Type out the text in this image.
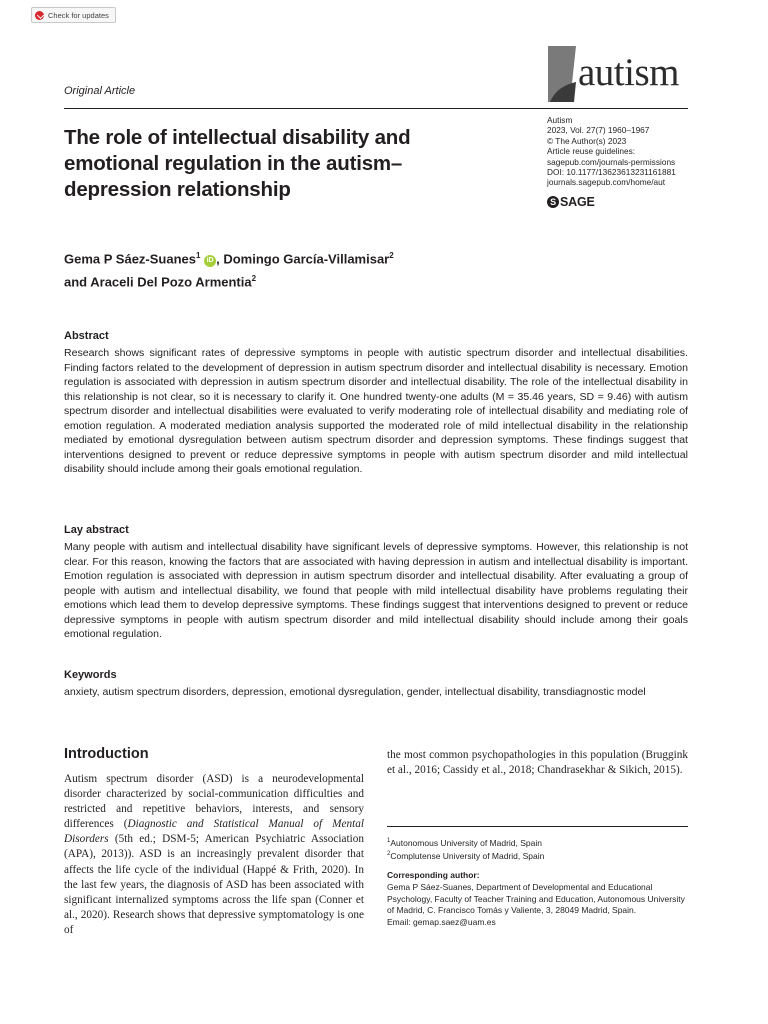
Check for updates
Original Article	autism
Autism
2023, Vol. 27(7) 1960–1967
© The Author(s) 2023
Article reuse guidelines:
sagepub.com/journals-permissions
DOI: 10.1177/13623613231161881
journals.sagepub.com/home/aut
S SAGE
The role of intellectual disability and emotional regulation in the autism–depression relationship
Gema P Sáez-Suanes$^1$ iD , Domingo García-Villamisar$^2$
and Araceli Del Pozo Armentia$^2$
Abstract
Research shows significant rates of depressive symptoms in people with autistic spectrum disorder and intellectual disabilities. Finding factors related to the development of depression in autism spectrum disorder and intellectual disability is necessary. Emotion regulation is associated with depression in autism spectrum disorder and intellectual disability. The role of the intellectual disability in this relationship is not clear, so it is necessary to clarify it. One hundred twenty-one adults (M = 35.46 years, SD = 9.46) with autism spectrum disorder and intellectual disabilities were evaluated to verify moderating role of intellectual disability and mediating role of emotion regulation. A moderated mediation analysis supported the moderated role of mild intellectual disability in the relationship mediated by emotional dysregulation between autism spectrum disorder and depression symptoms. These findings suggest that interventions designed to prevent or reduce depressive symptoms in people with autism spectrum disorder and mild intellectual disability should include among their goals emotional regulation.
Lay abstract
Many people with autism and intellectual disability have significant levels of depressive symptoms. However, this relationship is not clear. For this reason, knowing the factors that are associated with having depression in autism and intellectual disability is important. Emotion regulation is associated with depression in autism spectrum disorder and intellectual disability. After evaluating a group of people with autism and intellectual disability, we found that people with mild intellectual disability have problems regulating their emotions which lead them to develop depressive symptoms. These findings suggest that interventions designed to prevent or reduce depressive symptoms in people with autism spectrum disorder and mild intellectual disability should include among their goals emotional regulation.
Keywords
anxiety, autism spectrum disorders, depression, emotional dysregulation, gender, intellectual disability, transdiagnostic model
Introduction
Autism spectrum disorder (ASD) is a neurodevelopmental disorder characterized by social-communication difficulties and restricted and repetitive behaviors, interests, and sensory differences (Diagnostic and Statistical Manual of Mental Disorders (5th ed.; DSM-5; American Psychiatric Association (APA), 2013)). ASD is an increasingly prevalent disorder that affects the life cycle of the individual (Happé & Frith, 2020). In the last few years, the diagnosis of ASD has been associated with significant internalized symptoms across the life span (Conner et al., 2020). Research shows that depressive symptomatology is one of
the most common psychopathologies in this population (Bruggink et al., 2016; Cassidy et al., 2018; Chandrasekhar & Sikich, 2015).
$^1$Autonomous University of Madrid, Spain
$^2$Complutense University of Madrid, Spain
Corresponding author:
Gema P Sáez-Suanes, Department of Developmental and Educational Psychology, Faculty of Teacher Training and Education, Autonomous University of Madrid, C. Francisco Tomás y Valiente, 3, 28049 Madrid, Spain.
Email: gemap.saez@uam.es
